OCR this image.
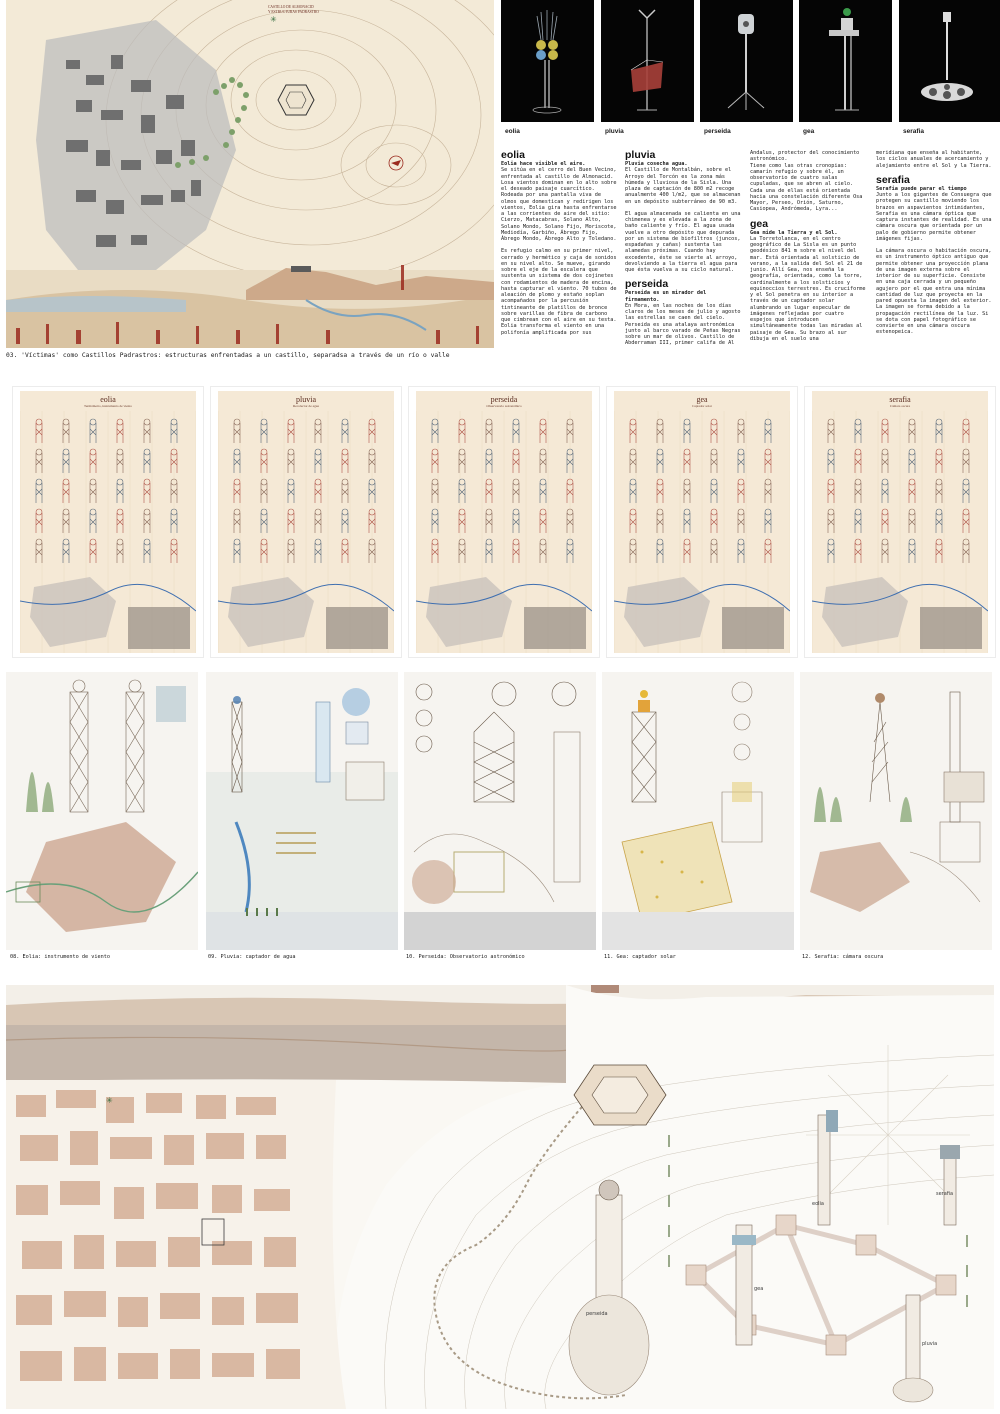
CASTILLO DE ALMONACID
Y ESTRUCTURAS PADRASTRO
✳
03. 'Víctimas' como Castillos Padrastros: estructuras enfrentadas a un castillo, separadsa a través de un río o valle
eolia	pluvia	perseida	gea	serafia
eolia

Eolia hace visible el aire.

Se sitúa en el cerro del Buen Vecino, enfrentada al castillo de Almonacid. Losa vientos dominan en lo alto sobre el deseado paisaje cuarcítico. Rodeada por una pantalla viva de olmos que domestican y redirigen los vientos, Eolia gira hasta enfrentarse a las corrientes de aire del sitio: Cierzo, Matacabras, Solano Alto, Solano Mondo, Solano Fijo, Moriscote, Mediodía, Garbiño, Ábrego Fijo, Ábrego Mondo, Ábrego Alto y Toledano.

Es refugio calmo en su primer nivel, cerrado y hermético y caja de sonidos en su nivel alto. Se mueve, girando sobre el eje de la escalera que sustenta un sistema de dos cojinetes con rodamientos de madera de encina, hasta capturar el viento. 70 tubos de aleación de plomo y estaño soplan acompañados por la percusión tintineante de platillos de bronce sobre varillas de fibra de carbono que cimbrean con el aire en su testa. Eolia transforma el viento en una polifonía amplificada por sus

pluvia

Pluvia cosecha agua.

El Castillo de Montalbán, sobre el Arroyo del Torcón es la zona más húmeda y lluviosa de la Sisla. Una plaza de captación de 800 m2 recoge anualmente 400 l/m2, que se almacenan en un depósito subterráneo de 90 m3.

El agua almacenada se calienta en una chimenea y es elevada a la zona de baño caliente y frío. El agua usada vuelve a otro depósito que depurada por un sistema de biofiltros (juncos, espadañas y cañas) sustenta las alamedas próximas. Cuando hay excedente, éste se vierte al arroyo, devolviendo a la tierra el agua para que ésta vuelva a su ciclo natural.

perseida

Perseida es un mirador del firmamento.

En Mora, en las noches de los días claros de los meses de julio y agosto las estrellas se caen del cielo. Perseida es una atalaya astronómica junto al barco varado de Peñas Negras sobre un mar de olivos. Castillo de Abderraman III, primer califa de Al

Andalus, protector del conocimiento astronómico.
Tiene como las otras cronopias: camarín refugio y sobre él, un observatorio de cuatro salas cupuladas, que se abren al cielo. Cada una de ellas está orientada hacia una constelación diferente Osa Mayor, Perseo, Orión, Saturno, Casiopea, Andrómeda, Lyra...

gea

Gea mide la Tierra y el Sol.

La Torretolanca, en el centro geográfico de La Sisla es un punto geodésico 841 m sobre el nivel del mar. Está orientada al solsticio de verano, a la salida del Sol el 21 de junio. Allí Gea, nos enseña la geografía, orientada, como la torre, cardinalmente a los solsticios y equinoccios terrestres. Es cruciforme y el Sol penetra en su interior a través de un captador solar alumbrando un lugar especular de imágenes reflejadas por cuatro espejos que introducen simultáneamente todas las miradas al paisaje de Gea. Su brazo al sur dibuja en el suelo una

meridiana que enseña al habitante, los ciclos anuales de acercamiento y alejamiento entre el Sol y la Tierra.

serafia

Serafia puede parar el tiempo

Junto a los gigantes de Consuegra que protegen su castillo moviendo los brazos en aspavientos intimidantes, Serafia es una cámara óptica que captura instantes de realidad. Es una cámara oscura que orientada por un palo de gobierno permite obtener imágenes fijas.

La cámara oscura o habitación oscura, es un instrumento óptico antiguo que permite obtener una proyección plana de una imagen externa sobre el interior de su superficie. Consiste en una caja cerrada y un pequeño agujero por el que entra una mínima cantidad de luz que proyecta en la pared opuesta la imagen del exterior. La imagen se forma debido a la propagación rectilínea de la luz. Si se dota con papel fotográfico se convierte en una cámara oscura estenopeica.

eolia
Termómetro, instrumento de viento
pluvia
Recolector de agua
perseida
Observatorio astronómico
gea
Captador solar
serafia
Cámara oscura
08. Eolia: instrumento de viento	09. Pluvia: captador de agua	10. Perseida: Observatorio astronómico	11. Gea: captador solar	12. Serafia: cámara oscura
✳
perseida
eolia
gea
pluvia
serafia
